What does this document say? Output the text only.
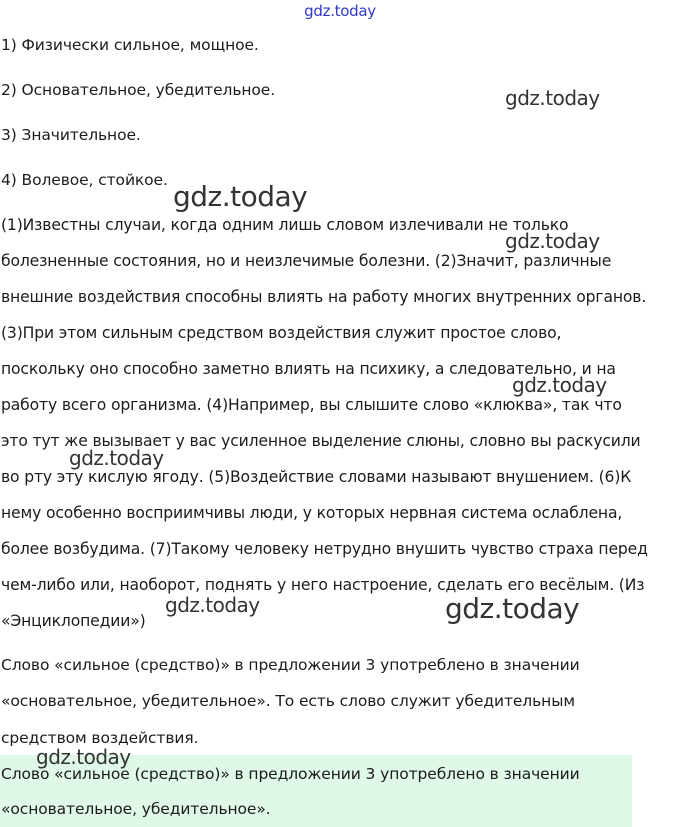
gdz.today
1) Физически сильное, мощное.
2) Основательное, убедительное.
3) Значительное.
4) Волевое, стойкое.
(1)Известны случаи, когда одним лишь словом излечивали не только
болезненные состояния, но и неизлечимые болезни. (2)Значит, различные
внешние воздействия способны влиять на работу многих внутренних органов.
(3)При этом сильным средством воздействия служит простое слово,
поскольку оно способно заметно влиять на психику, а следовательно, и на
работу всего организма. (4)Например, вы слышите слово «клюква», так что
это тут же вызывает у вас усиленное выделение слюны, словно вы раскусили
во рту эту кислую ягоду. (5)Воздействие словами называют внушением. (6)К
нему особенно восприимчивы люди, у которых нервная система ослаблена,
более возбудима. (7)Такому человеку нетрудно внушить чувство страха перед
чем-либо или, наоборот, поднять у него настроение, сделать его весёлым. (Из
«Энциклопедии»)
Слово «сильное (средство)» в предложении 3 употреблено в значении
«основательное, убедительное». То есть слово служит убедительным
средством воздействия.
Слово «сильное (средство)» в предложении 3 употреблено в значении
«основательное, убедительное».
gdz.today
gdz.today
gdz.today
gdz.today
gdz.today
gdz.today	gdz.today
gdz.today
